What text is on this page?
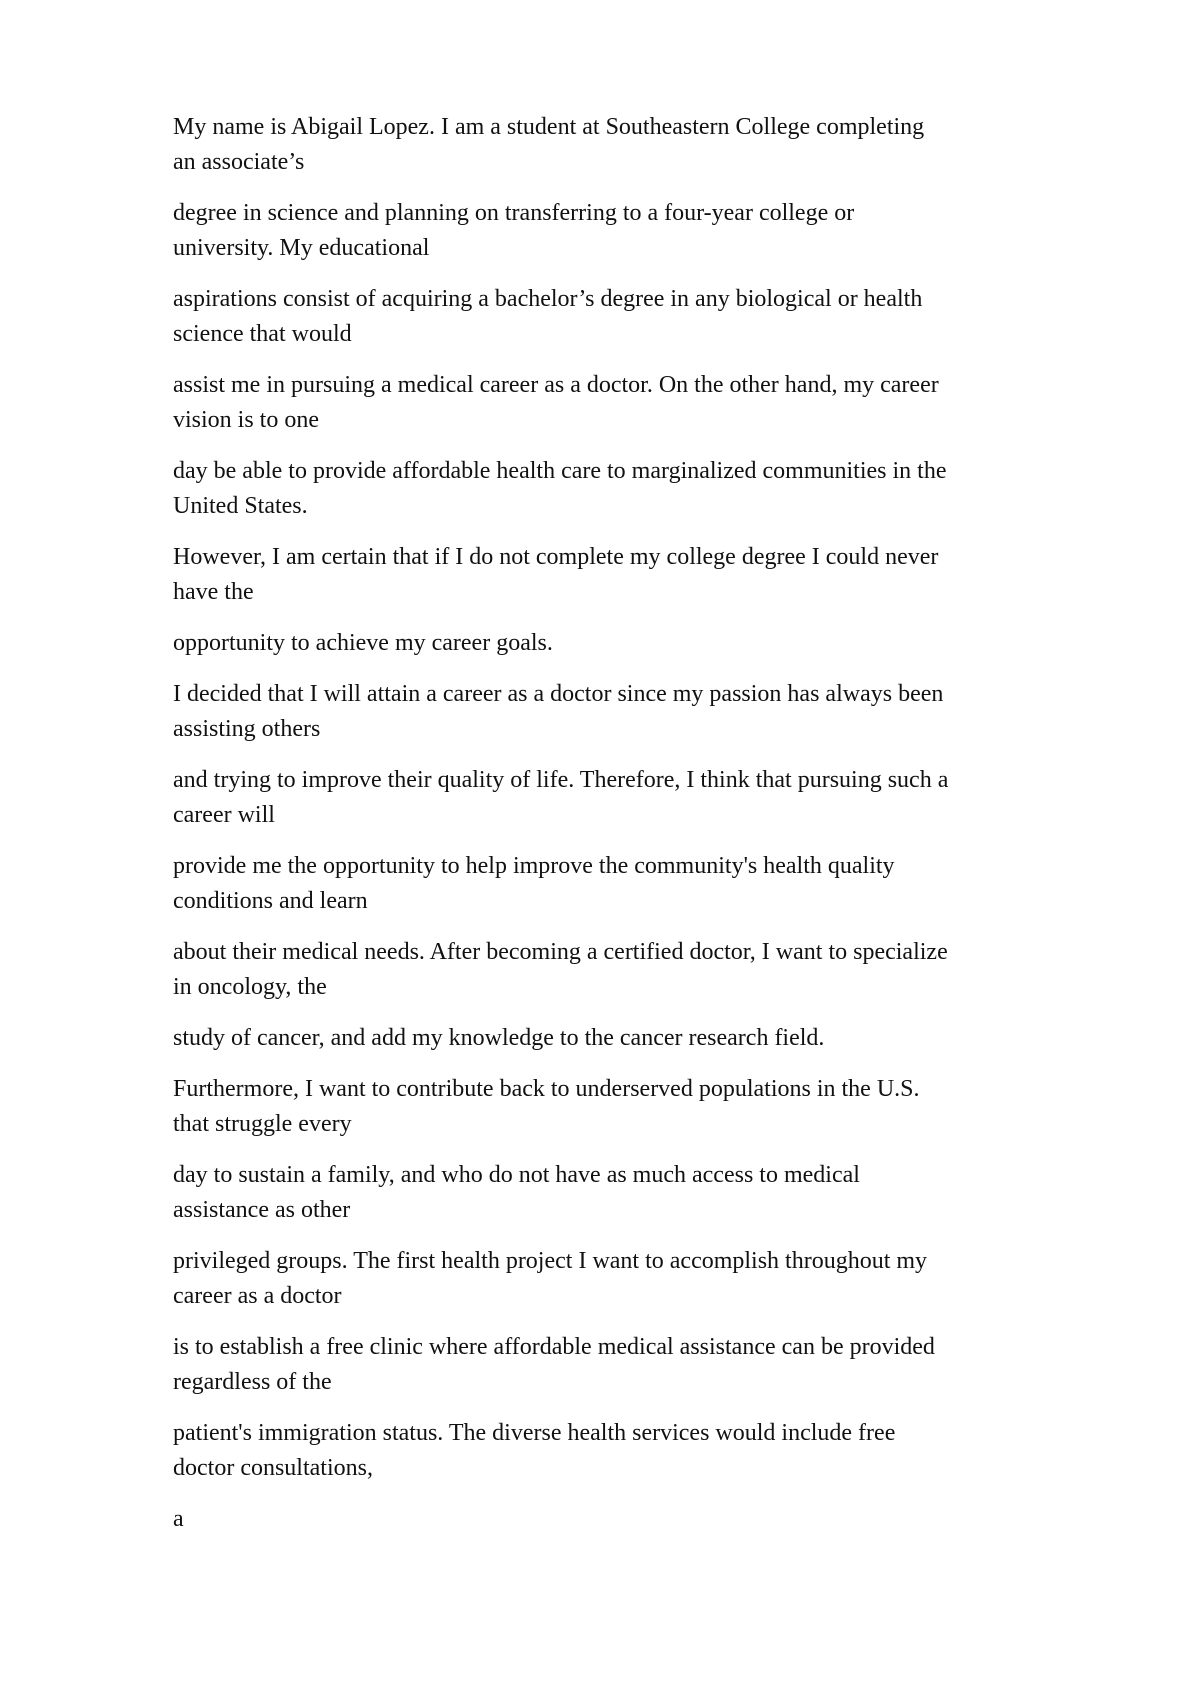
My name is Abigail Lopez. I am a student at Southeastern College completing
an associate’s

degree in science and planning on transferring to a four-year college or
university. My educational

aspirations consist of acquiring a bachelor’s degree in any biological or health
science that would

assist me in pursuing a medical career as a doctor. On the other hand, my career
vision is to one

day be able to provide affordable health care to marginalized communities in the
United States.

However, I am certain that if I do not complete my college degree I could never
have the

opportunity to achieve my career goals.

I decided that I will attain a career as a doctor since my passion has always been
assisting others

and trying to improve their quality of life. Therefore, I think that pursuing such a
career will

provide me the opportunity to help improve the community's health quality
conditions and learn

about their medical needs. After becoming a certified doctor, I want to specialize
in oncology, the

study of cancer, and add my knowledge to the cancer research field.

Furthermore, I want to contribute back to underserved populations in the U.S.
that struggle every

day to sustain a family, and who do not have as much access to medical
assistance as other

privileged groups. The first health project I want to accomplish throughout my
career as a doctor

is to establish a free clinic where affordable medical assistance can be provided
regardless of the

patient's immigration status. The diverse health services would include free
doctor consultations,

a
